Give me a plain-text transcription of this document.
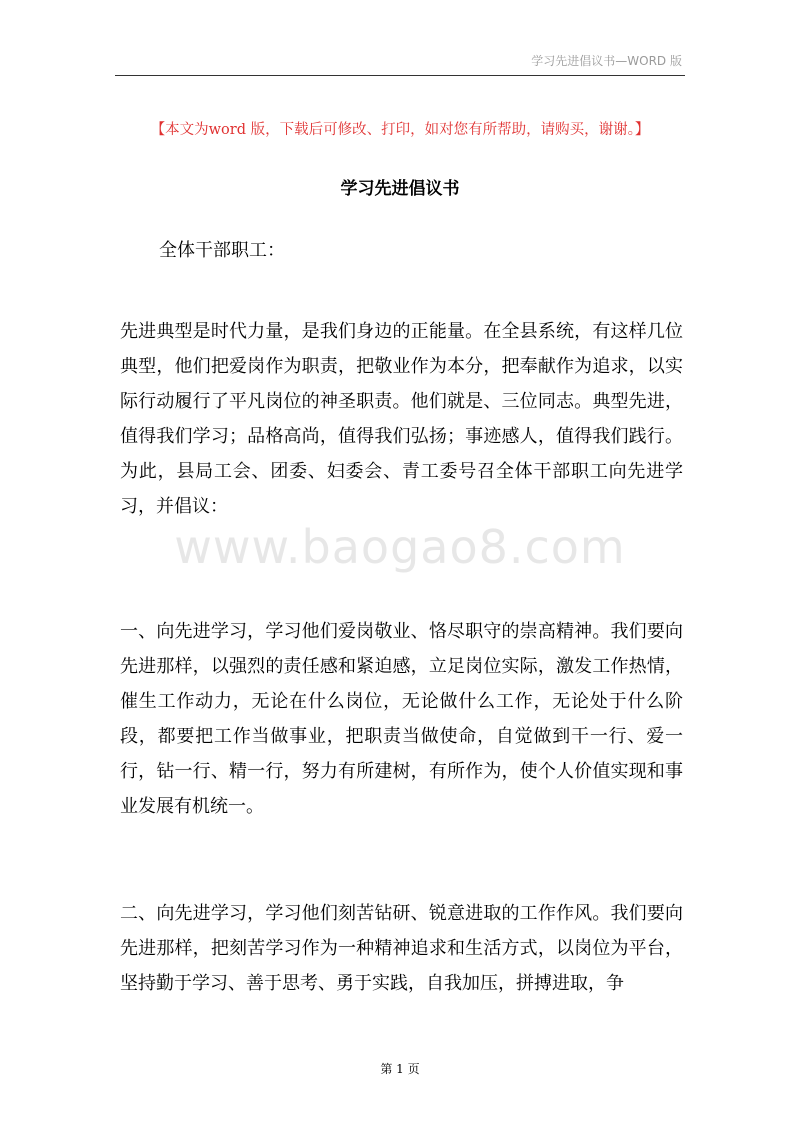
学习先进倡议书—WORD 版
【本文为word 版，下载后可修改、打印，如对您有所帮助，请购买，谢谢。】
学习先进倡议书
全体干部职工：

先进典型是时代力量，是我们身边的正能量。在全县系统，有这样几位典型，他们把爱岗作为职责，把敬业作为本分，把奉献作为追求，以实际行动履行了平凡岗位的神圣职责。他们就是、三位同志。典型先进，值得我们学习；品格高尚，值得我们弘扬；事迹感人，值得我们践行。为此，县局工会、团委、妇委会、青工委号召全体干部职工向先进学习，并倡议：

一、向先进学习，学习他们爱岗敬业、恪尽职守的崇高精神。我们要向先进那样，以强烈的责任感和紧迫感，立足岗位实际，激发工作热情，催生工作动力，无论在什么岗位，无论做什么工作，无论处于什么阶段，都要把工作当做事业，把职责当做使命，自觉做到干一行、爱一行，钻一行、精一行，努力有所建树，有所作为，使个人价值实现和事业发展有机统一。

二、向先进学习，学习他们刻苦钻研、锐意进取的工作作风。我们要向先进那样，把刻苦学习作为一种精神追求和生活方式，以岗位为平台，坚持勤于学习、善于思考、勇于实践，自我加压，拼搏进取，争

www.baogao8.com
第 1 页
